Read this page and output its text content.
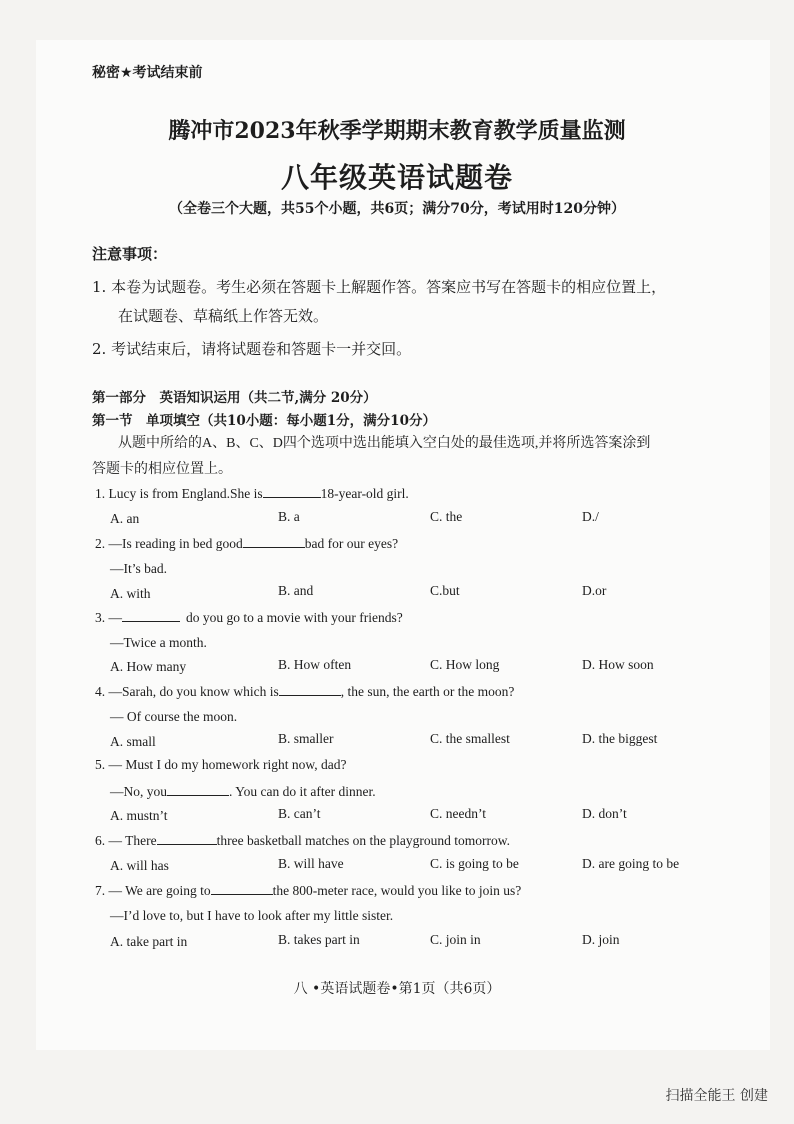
秘密★考试结束前
腾冲市2023年秋季学期期末教育教学质量监测
八年级英语试题卷
（全卷三个大题，共55个小题，共6页；满分70分，考试用时120分钟）
注意事项：
1. 本卷为试题卷。考生必须在答题卡上解题作答。答案应书写在答题卡的相应位置上，
在试题卷、草稿纸上作答无效。
2. 考试结束后，请将试题卷和答题卡一并交回。
第一部分　英语知识运用（共二节,满分 20分）
第一节　单项填空（共10小题：每小题1分，满分10分）
从题中所给的A、B、C、D四个选项中选出能填入空白处的最佳选项,并将所选答案涂到
答题卡的相应位置上。
1. Lucy is from England.She is	18-year-old girl.
A. an	B. a	C. the	D./
2. —Is reading in bed good	bad for our eyes?
—It’s bad.
A. with	B. and	C.but	D.or
3. —	do you go to a movie with your friends?
—Twice a month.
A. How many	B. How often	C. How long	D. How soon
4. —Sarah, do you know which is	, the sun, the earth or the moon?
— Of course the moon.
A. small	B. smaller	C. the smallest	D. the biggest
5. — Must I do my homework right now, dad?
—No, you	. You can do it after dinner.
A. mustn’t	B. can’t	C. needn’t	D. don’t
6. — There	three basketball matches on the playground tomorrow.
A. will has	B. will have	C. is going to be	D. are going to be
7. — We are going to	the 800-meter race, would you like to join us?
—I’d love to, but I have to look after my little sister.
A. take part in	B. takes part in	C. join in	D. join
八 •英语试题卷•第1页（共6页）
扫描全能王 创建
